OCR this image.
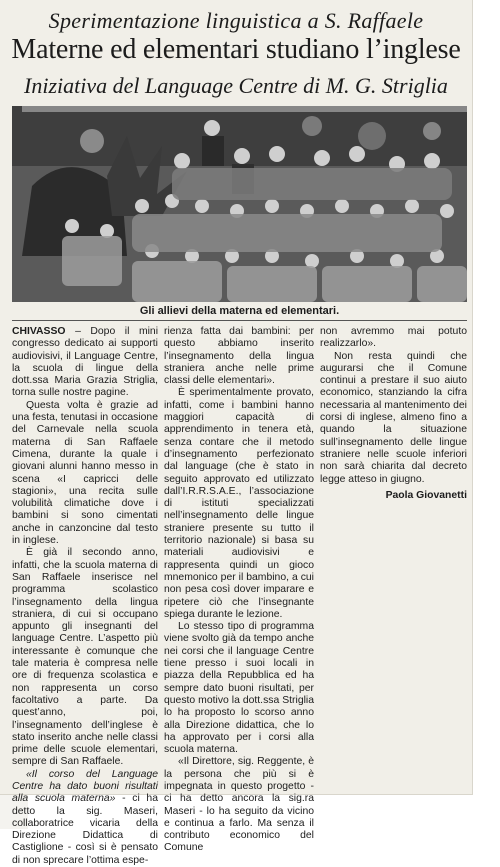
Sperimentazione linguistica a S. Raffaele
Materne ed elementari studiano l’inglese
Iniziativa del Language Centre di M. G. Striglia
Gli allievi della materna ed elementari.

CHIVASSO – Dopo il mini congresso dedicato ai supporti audiovisivi, il Language Centre, la scuola di lingue della dott.ssa Maria Grazia Striglia, torna sulle nostre pagine.

Questa volta è grazie ad una festa, tenutasi in occasione del Carnevale nella scuola materna di San Raffaele Cimena, durante la quale i giovani alunni hanno messo in scena «I capricci delle stagioni», una recita sulle volubilità climatiche dove i bambini si sono cimentati anche in canzoncine dal testo in inglese.

È già il secondo anno, infatti, che la scuola materna di San Raffaele inserisce nel programma scolastico l’insegnamento della lingua straniera, di cui si occupano appunto gli insegnanti del language Centre. L’aspetto più interessante è comunque che tale materia è compresa nelle ore di frequenza scolastica e non rappresenta un corso facoltativo a parte. Da quest’anno, poi, l’insegnamento dell’inglese è stato inserito anche nelle classi prime delle scuole elementari, sempre di San Raffaele.

«Il corso del Language Centre ha dato buoni risultati alla scuola materna» - ci ha detto la sig. Maseri, collaboratrice vicaria della Direzione Didattica di Castiglione - così si è pensato di non sprecare l’ottima espe-

rienza fatta dai bambini: per questo abbiamo inserito l’insegnamento della lingua straniera anche nelle prime classi delle elementari».

È sperimentalmente provato, infatti, come i bambini hanno maggiori capacità di apprendimento in tenera età, senza contare che il metodo d’insegnamento perfezionato dal language (che è stato in seguito approvato ed utilizzato dall’I.R.R.S.A.E., l’associazione di istituti specializzati nell’insegnamento delle lingue straniere presente su tutto il territorio nazionale) si basa su materiali audiovisivi e rappresenta quindi un gioco mnemonico per il bambino, a cui non pesa così dover imparare e ripetere ciò che l’insegnante spiega durante le lezione.

Lo stesso tipo di programma viene svolto già da tempo anche nei corsi che il language Centre tiene presso i suoi locali in piazza della Repubblica ed ha sempre dato buoni risultati, per questo motivo la dott.ssa Striglia lo ha proposto lo scorso anno alla Direzione didattica, che lo ha approvato per i corsi alla scuola materna.

«Il Direttore, sig. Reggente, è la persona che più si è impegnata in questo progetto - ci ha detto ancora la sig.ra Maseri - lo ha seguito da vicino e continua a farlo. Ma senza il contributo economico del Comune

non avremmo mai potuto realizzarlo».

Non resta quindi che augurarsi che il Comune continui a prestare il suo aiuto economico, stanziando la cifra necessaria al mantenimento dei corsi di inglese, almeno fino a quando la situazione sull’insegnamento delle lingue straniere nelle scuole inferiori non sarà chiarita dal decreto legge atteso in giugno.

Paola Giovanetti
